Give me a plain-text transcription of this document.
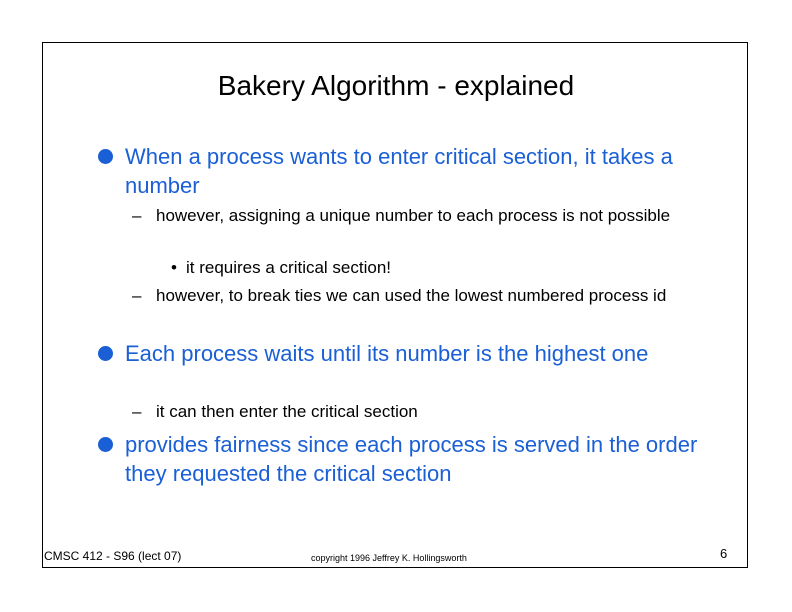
Bakery Algorithm - explained
When a process wants to enter critical section, it takes a number
– however, assigning a unique number to each process is not possible
• it requires a critical section!
– however, to break ties we can used the lowest numbered process id
Each process waits until its number is the highest one
– it can then enter the critical section
provides fairness since each process is served in the order they requested the critical section
CMSC 412 - S96 (lect 07)	copyright 1996 Jeffrey K. Hollingsworth	6
